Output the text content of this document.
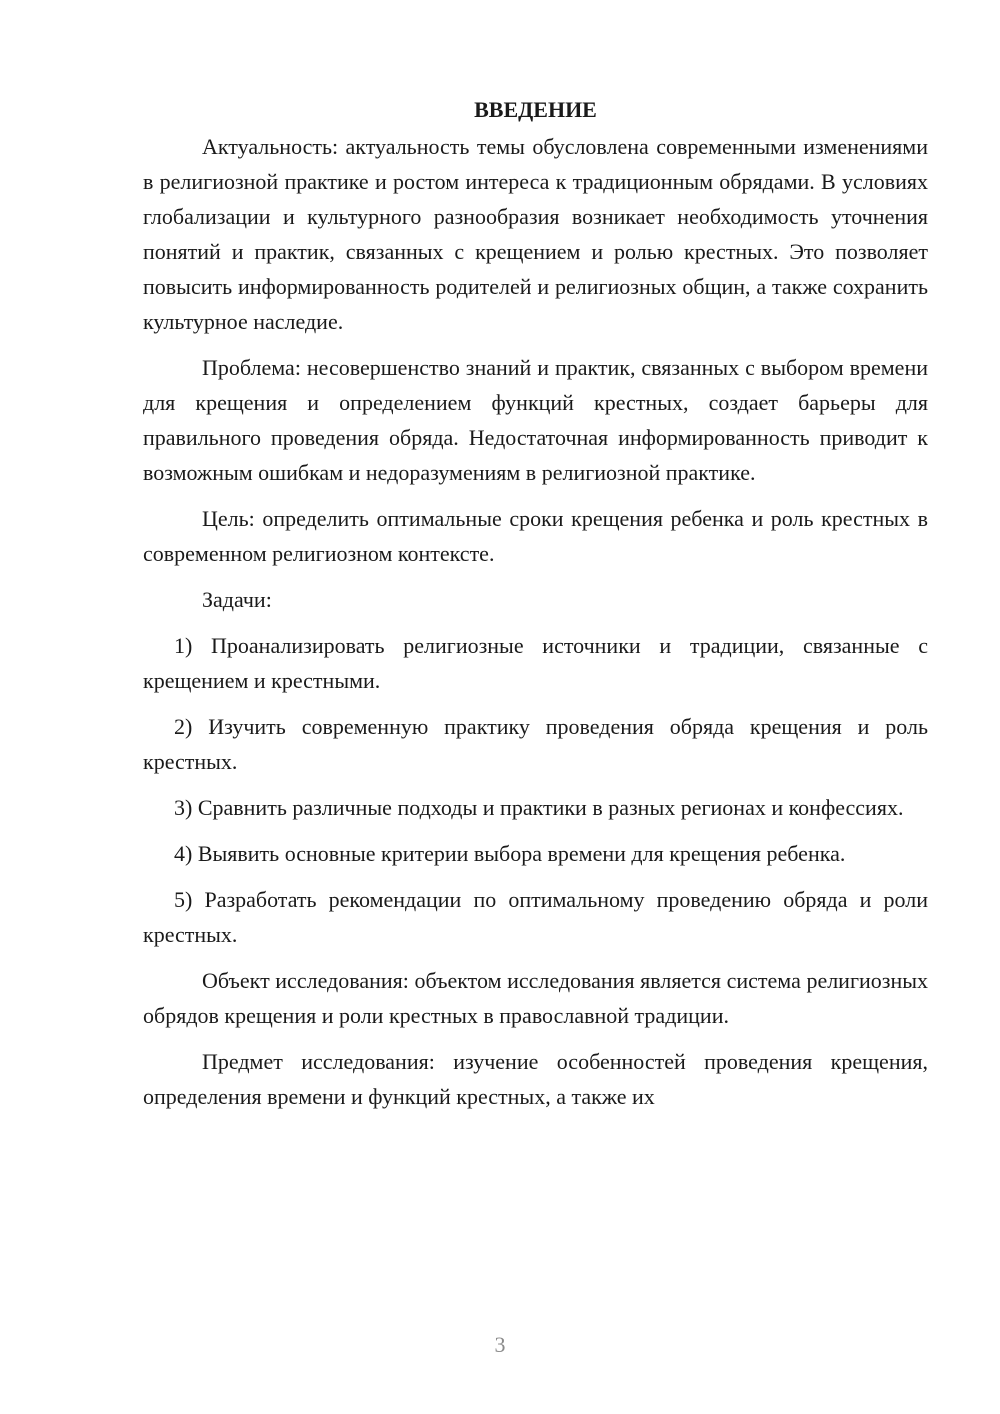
ВВЕДЕНИЕ

Актуальность: актуальность темы обусловлена современными изменениями в религиозной практике и ростом интереса к традиционным обрядами. В условиях глобализации и культурного разнообразия возникает необходимость уточнения понятий и практик, связанных с крещением и ролью крестных. Это позволяет повысить информированность родителей и религиозных общин, а также сохранить культурное наследие.

Проблема: несовершенство знаний и практик, связанных с выбором времени для крещения и определением функций крестных, создает барьеры для правильного проведения обряда. Недостаточная информированность приводит к возможным ошибкам и недоразумениям в религиозной практике.

Цель: определить оптимальные сроки крещения ребенка и роль крестных в современном религиозном контексте.

Задачи:

1) Проанализировать религиозные источники и традиции, связанные с крещением и крестными.

2) Изучить современную практику проведения обряда крещения и роль крестных.

3) Сравнить различные подходы и практики в разных регионах и конфессиях.

4) Выявить основные критерии выбора времени для крещения ребенка.

5) Разработать рекомендации по оптимальному проведению обряда и роли крестных.

Объект исследования: объектом исследования является система религиозных обрядов крещения и роли крестных в православной традиции.

Предмет исследования: изучение особенностей проведения крещения, определения времени и функций крестных, а также их

3
